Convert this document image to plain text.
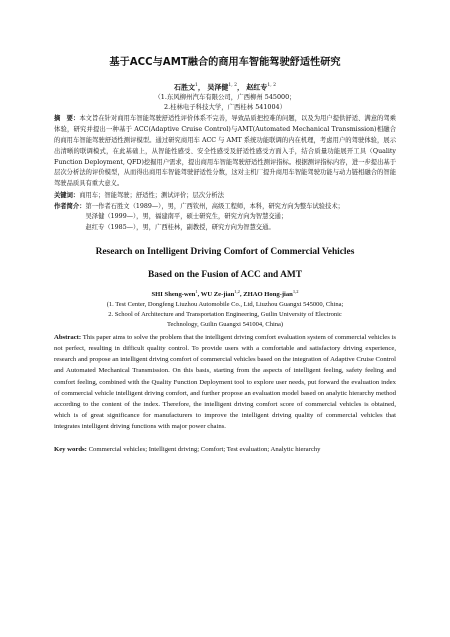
基于ACC与AMT融合的商用车智能驾驶舒适性研究
石胜文$^1$， 吴泽健$^{1, 2}$， 赵红专$^{1, 2}$
（1.东风柳州汽车有限公司，广西柳州 545000；
2.桂林电子科技大学，广西桂林 541004）
摘　要：本文旨在针对商用车智能驾驶舒适性评价体系不完善，导致品质把控难的问题，以及为用户提供舒适、满意的驾乘体验，研究并提出一种基于 ACC(Adaptive Cruise Control)与AMT(Automated Mechanical Transmission)相融合的商用车智能驾驶舒适性测评模型。通过研究商用车 ACC 与 AMT 系统功能联调的内在机理，考虑用户的驾驶体验，展示出清晰的联调模式，在此基础上，从智能性感受、安全性感受及舒适性感受方面入手，结合质量功能展开工具（Quality Function Deployment, QFD)挖掘用户需求，提出商用车智能驾驶舒适性测评指标。根据测评指标内容，进一步提出基于层次分析法的评价模型，从而得出商用车智能驾驶舒适性分数，这对主机厂提升商用车智能驾驶功能与动力链相融合的智能驾驶品质具有重大意义。
关键词： 商用车；智能驾驶；舒适性；测试评价；层次分析法
作者简介： 第一作者石胜文（1989—），男，广西钦州，高级工程师，本科，研究方向为整车试验技术；
吴泽健（1999—），男，福建南平，硕士研究生，研究方向为智慧交通；
赵红专（1985—），男，广西桂林，副教授，研究方向为智慧交通。
Research on Intelligent Driving Comfort of Commercial Vehicles
Based on the Fusion of ACC and AMT
SHI Sheng-wen$^1$, WU Ze-jian$^{1,2}$, ZHAO Hong-jian$^{1,2}$
(1. Test Center, Dongfeng Liuzhou Automobile Co., Ltd, Liuzhou Guangxi 545000, China;
2. School of Architecture and Transportation Engineering, Guilin University of Electronic
Technology, Guilin Guangxi 541004, China)
Abstract: This paper aims to solve the problem that the intelligent driving comfort evaluation system of commercial vehicles is not perfect, resulting in difficult quality control. To provide users with a comfortable and satisfactory driving experience, research and propose an intelligent driving comfort of commercial vehicles based on the integration of Adaptive Cruise Control and Automated Mechanical Transmission. On this basis, starting from the aspects of intelligent feeling, safety feeling and comfort feeling, combined with the Quality Function Deployment tool to explore user needs, put forward the evaluation index of commercial vehicle intelligent driving comfort, and further propose an evaluation model based on analytic hierarchy method according to the content of the index. Therefore, the intelligent driving comfort score of commercial vehicles is obtained, which is of great significance for manufacturers to improve the intelligent driving quality of commercial vehicles that integrates intelligent driving functions with major power chains.
Key words: Commercial vehicles; Intelligent driving; Comfort; Test evaluation; Analytic hierarchy
